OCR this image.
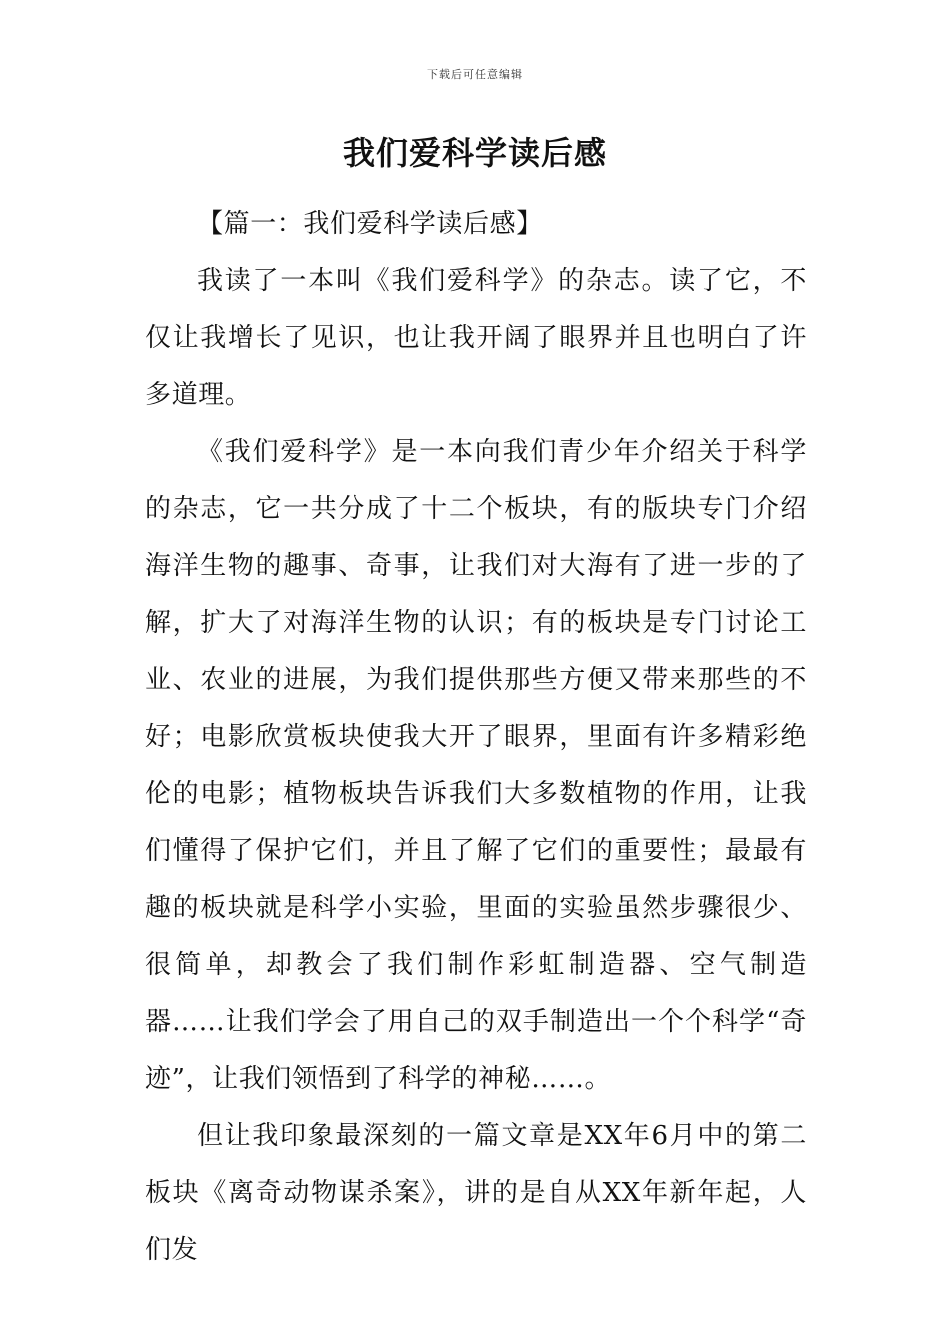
下载后可任意编辑
我们爱科学读后感

【篇一：我们爱科学读后感】

我读了一本叫《我们爱科学》的杂志。读了它，不仅让我增长了见识，也让我开阔了眼界并且也明白了许多道理。

《我们爱科学》是一本向我们青少年介绍关于科学的杂志，它一共分成了十二个板块，有的版块专门介绍海洋生物的趣事、奇事，让我们对大海有了进一步的了解，扩大了对海洋生物的认识；有的板块是专门讨论工业、农业的进展，为我们提供那些方便又带来那些的不好；电影欣赏板块使我大开了眼界，里面有许多精彩绝伦的电影；植物板块告诉我们大多数植物的作用，让我们懂得了保护它们，并且了解了它们的重要性；最最有趣的板块就是科学小实验，里面的实验虽然步骤很少、很简单，却教会了我们制作彩虹制造器、空气制造器……让我们学会了用自己的双手制造出一个个科学“奇迹”，让我们领悟到了科学的神秘……。

但让我印象最深刻的一篇文章是XX年6月中的第二板块《离奇动物谋杀案》，讲的是自从XX年新年起，人们发
